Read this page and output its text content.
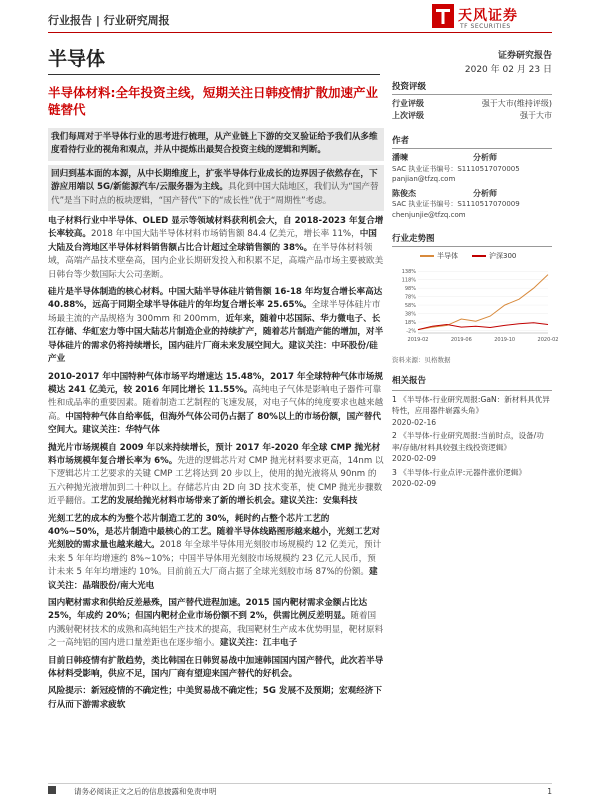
行业报告 | 行业研究周报	天风证券
TF SECURITIES
半导体	证券研究报告
2020 年 02 月 23 日
半导体材料:全年投资主线，短期关注日韩疫情扩散加速产业链替代
我们每周对于半导体行业的思考进行梳理，从产业链上下游的交叉验证给予我们从多维度看待行业的视角和观点，并从中提炼出最契合投资主线的逻辑和判断。
回归到基本面的本源，从中长期维度上，扩张半导体行业成长的边界因子依然存在，下游应用端以 5G/新能源汽车/云服务器为主线。具化到中国大陆地区，我们认为“国产替代”是当下时点的板块逻辑，“国产替代”下的“成长性”优于“周期性”考虑。
电子材料行业中半导体、OLED 显示等领域材料获利机会大，自 2018-2023 年复合增长率较高。2018 年中国大陆半导体材料市场销售额 84.4 亿美元，增长率 11%，中国大陆及台湾地区半导体材料销售额占比合计超过全球销售额的 38%。在半导体材料领域，高端产品技术壁垒高，国内企业长期研发投入和积累不足，高端产品市场主要被欧美日韩台等少数国际大公司垄断。
硅片是半导体制造的核心材料。中国大陆半导体硅片销售额 16-18 年均复合增长率高达 40.88%，远高于同期全球半导体硅片的年均复合增长率 25.65%。全球半导体硅片市场最主流的产品规格为 300mm 和 200mm，近年来，随着中芯国际、华力微电子、长江存储、华虹宏力等中国大陆芯片制造企业的持续扩产，随着芯片制造产能的增加，对半导体硅片的需求仍将持续增长，国内硅片厂商未来发展空间大。建议关注：中环股份/硅产业
2010-2017 年中国特种气体市场平均增速达 15.48%，2017 年全球特种气体市场规模达 241 亿美元，较 2016 年同比增长 11.55%。高纯电子气体是影响电子器件可靠性和成品率的重要因素。随着制造工艺制程的飞速发展，对电子气体的纯度要求也越来越高。中国特种气体自给率低，但海外气体公司仍占据了 80%以上的市场份额，国产替代空间大。建议关注：华特气体
抛光片市场规模自 2009 年以来持续增长，预计 2017 年-2020 年全球 CMP 抛光材料市场规模年复合增长率为 6%。先进的逻辑芯片对 CMP 抛光材料要求更高，14nm 以下逻辑芯片工艺要求的关键 CMP 工艺将达到 20 步以上，使用的抛光液将从 90nm 的五六种抛光液增加到二十种以上。存储芯片由 2D 向 3D 技术变革，使 CMP 抛光步骤数近乎翻倍。工艺的发展给抛光材料市场带来了新的增长机会。建议关注：安集科技
光刻工艺的成本约为整个芯片制造工艺的 30%，耗时约占整个芯片工艺的 40%~50%，是芯片制造中最核心的工艺。随着半导体线路图形越来越小，光刻工艺对光刻胶的需求量也越来越大。2018 年全球半导体用光刻胶市场规模约 12 亿美元，预计未来 5 年年均增速约 8%~10%；中国半导体用光刻胶市场规模约 23 亿元人民币，预计未来 5 年年均增速约 10%。目前前五大厂商占据了全球光刻胶市场 87%的份额。建议关注：晶瑞股份/南大光电
国内靶材需求和供给反差悬殊，国产替代进程加速。2015 国内靶材需求金额占比达 25%，年成约 20%；但国内靶材企业市场份额不到 2%，供需比例反差明显。随着国内溅射靶材技术的成熟和高纯铝生产技术的提高，我国靶材生产成本优势明显，靶材原料之一高纯铝的国内进口量差距也在逐步缩小。建议关注：江丰电子
目前日韩疫情有扩散趋势，类比韩国在日韩贸易战中加速韩国国内国产替代，此次若半导体材料受影响，供应不足，国内厂商有望迎来国产替代的好机会。
风险提示：新冠疫情的不确定性；中美贸易战不确定性；5G 发展不及预期；宏观经济下行从而下游需求疲软
投资评级
行业评级	强于大市(维持评级)
上次评级	强于大市
作者
潘暕	分析师
SAC 执业证书编号：S1110517070005
panjian@tfzq.com
陈俊杰	分析师
SAC 执业证书编号：S1110517070009
chenjunjie@tfzq.com
行业走势图
半导体	沪深300
138%
118%
98%
78%
58%
38%
18%
-2%
2019-02	2019-06	2019-10	2020-02
资料来源：贝格数据
相关报告
1 《半导体-行业研究周报:GaN：新材料具优异特性，应用器件崭露头角》
2020-02-16
2 《半导体-行业研究周报:当前时点，设备/功率/存储/材料具较强主线投资逻辑》
2020-02-09
3 《半导体-行业点评:元器件涨价逻辑》
2020-02-09
请务必阅读正文之后的信息披露和免责申明	1
